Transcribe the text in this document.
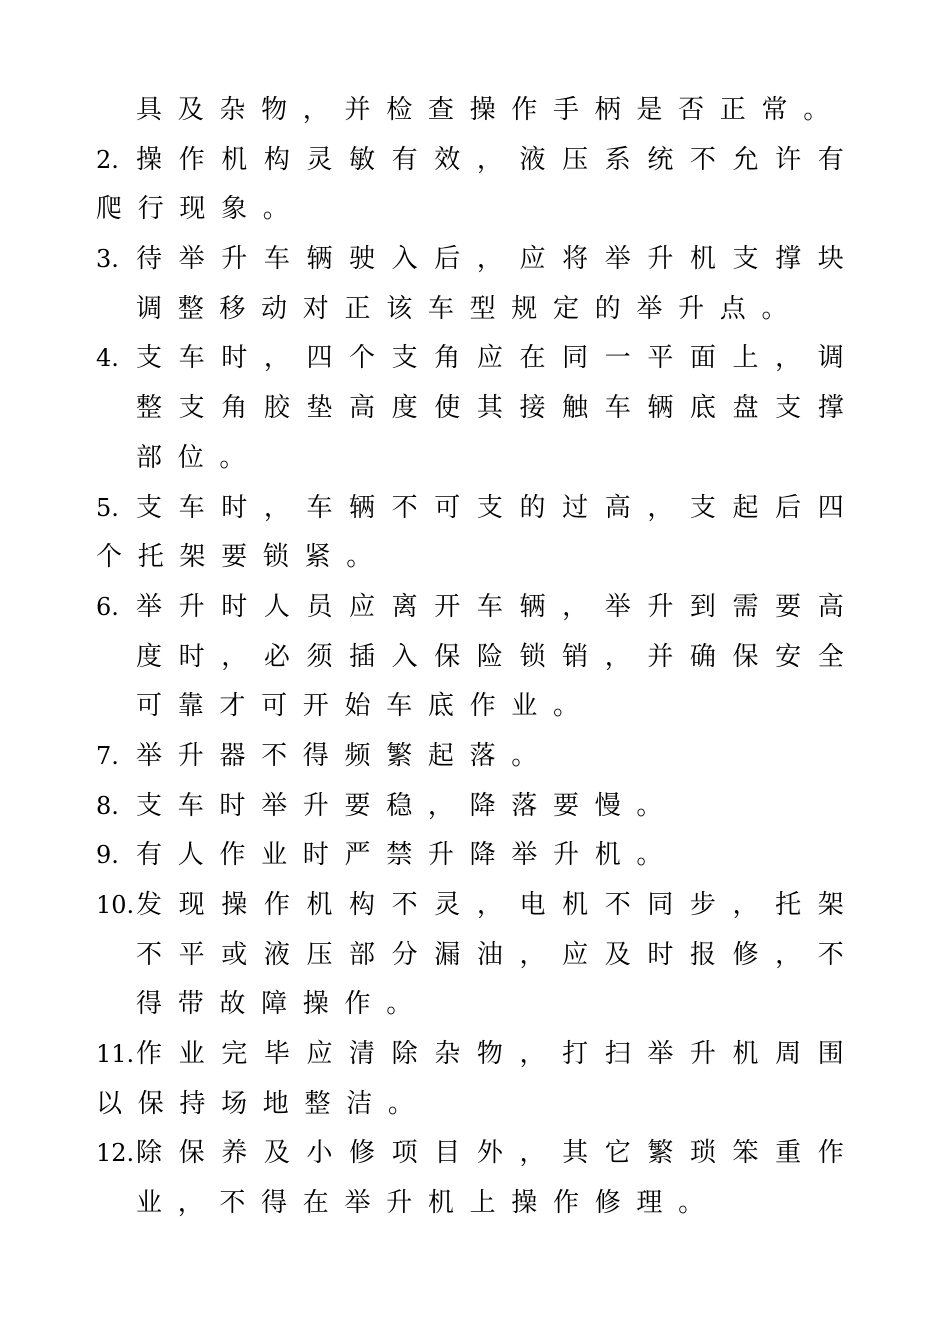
具 及 杂 物 ， 并 检 查 操 作 手 柄 是 否 正 常 。
2. 操 作 机 构 灵 敏 有 效 ， 液 压 系 统 不 允 许 有
爬 行 现 象 。
3. 待 举 升 车 辆 驶 入 后 ， 应 将 举 升 机 支 撑 块
调 整 移 动 对 正 该 车 型 规 定 的 举 升 点 。
4. 支 车 时 ， 四 个 支 角 应 在 同 一 平 面 上 ， 调
整 支 角 胶 垫 高 度 使 其 接 触 车 辆 底 盘 支 撑
部 位 。
5. 支 车 时 ， 车 辆 不 可 支 的 过 高 ， 支 起 后 四
个 托 架 要 锁 紧 。
6. 举 升 时 人 员 应 离 开 车 辆 ， 举 升 到 需 要 高
度 时 ， 必 须 插 入 保 险 锁 销 ， 并 确 保 安 全
可 靠 才 可 开 始 车 底 作 业 。
7. 举 升 器 不 得 频 繁 起 落 。
8. 支 车 时 举 升 要 稳 ， 降 落 要 慢 。
9. 有 人 作 业 时 严 禁 升 降 举 升 机 。
10. 发 现 操 作 机 构 不 灵 ， 电 机 不 同 步 ， 托 架
不 平 或 液 压 部 分 漏 油 ， 应 及 时 报 修 ， 不
得 带 故 障 操 作 。
11. 作 业 完 毕 应 清 除 杂 物 ， 打 扫 举 升 机 周 围
以 保 持 场 地 整 洁 。
12. 除 保 养 及 小 修 项 目 外 ， 其 它 繁 琐 笨 重 作
业 ， 不 得 在 举 升 机 上 操 作 修 理 。
